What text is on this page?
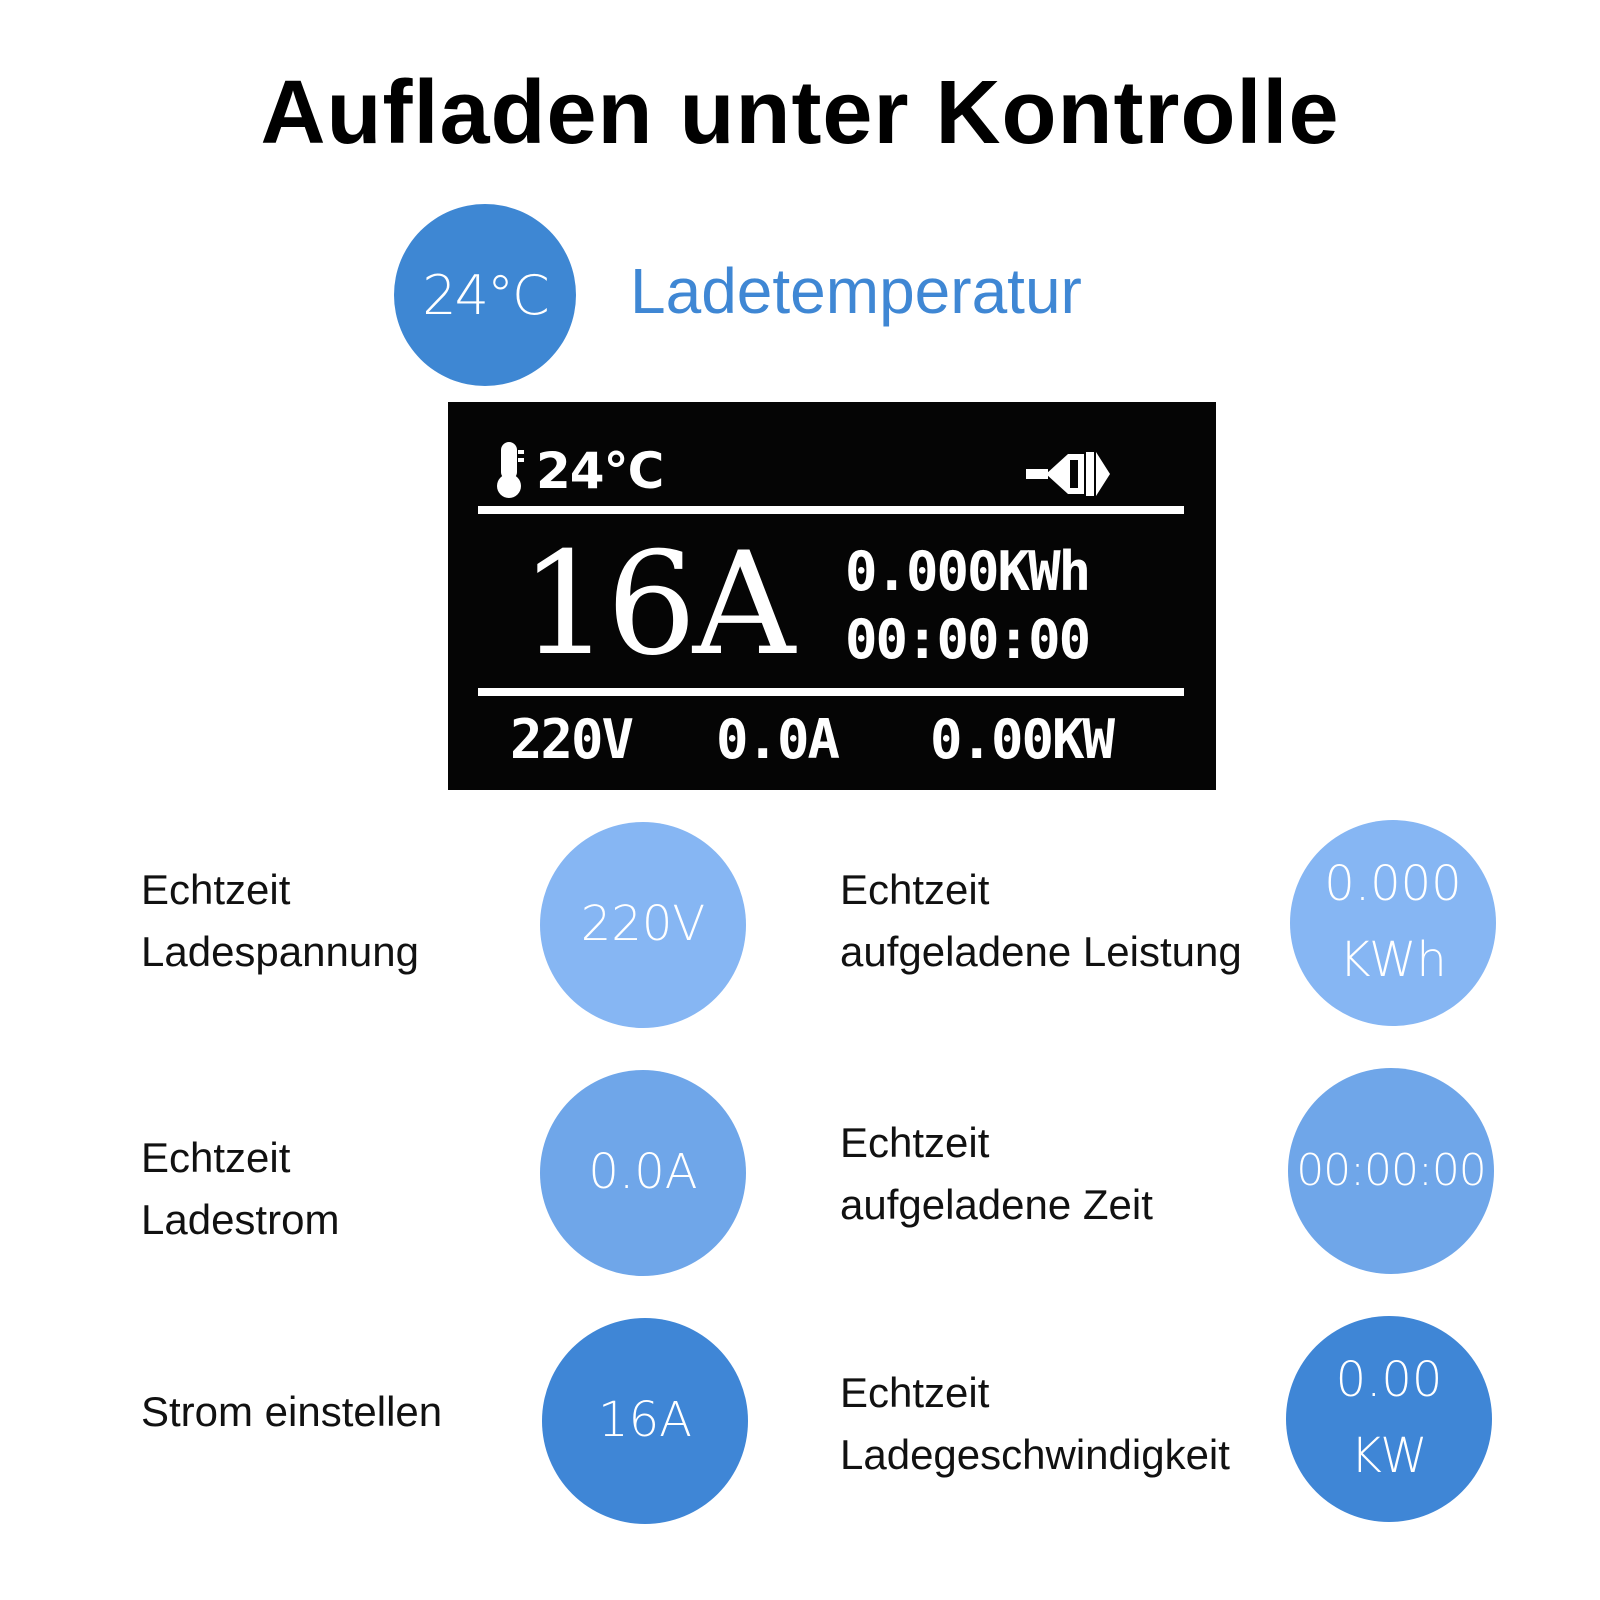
Aufladen unter Kontrolle
24°C Ladetemperatur
24°C
16A 0.000KWh
00:00:00
220V 0.0A 0.00KW
Echtzeit
Ladespannung	220V
Echtzeit
Ladestrom
0.0A
Strom einstellen	16A
Echtzeit
aufgeladene Leistung
0.000
KWh
Echtzeit
aufgeladene Zeit
00:00:00
Echtzeit
Ladegeschwindigkeit
0.00
KW
